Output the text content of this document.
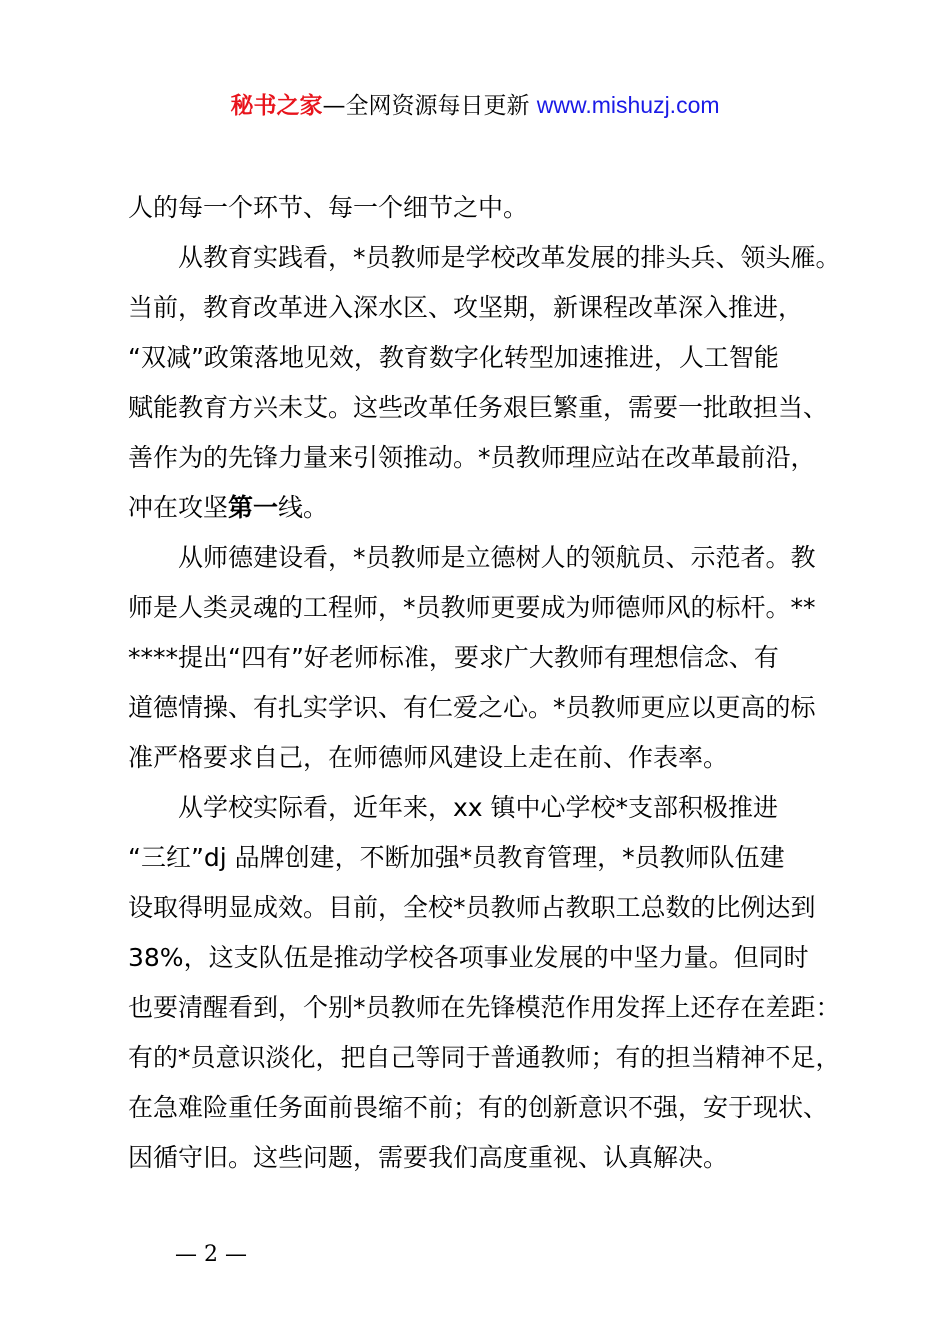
秘书之家—全网资源每日更新 www.mishuzj.com
人的每一个环节、每一个细节之中。
从教育实践看，*员教师是学校改革发展的排头兵、领头雁。
当前，教育改革进入深水区、攻坚期，新课程改革深入推进，
“双减”政策落地见效，教育数字化转型加速推进，人工智能
赋能教育方兴未艾。这些改革任务艰巨繁重，需要一批敢担当、
善作为的先锋力量来引领推动。*员教师理应站在改革最前沿，
冲在攻坚第一线。
从师德建设看，*员教师是立德树人的领航员、示范者。教
师是人类灵魂的工程师，*员教师更要成为师德师风的标杆。**
****提出“四有”好老师标准，要求广大教师有理想信念、有
道德情操、有扎实学识、有仁爱之心。*员教师更应以更高的标
准严格要求自己，在师德师风建设上走在前、作表率。
从学校实际看，近年来，xx 镇中心学校*支部积极推进
“三红”dj 品牌创建，不断加强*员教育管理，*员教师队伍建
设取得明显成效。目前，全校*员教师占教职工总数的比例达到
38%，这支队伍是推动学校各项事业发展的中坚力量。但同时
也要清醒看到，个别*员教师在先锋模范作用发挥上还存在差距：
有的*员意识淡化，把自己等同于普通教师；有的担当精神不足，
在急难险重任务面前畏缩不前；有的创新意识不强，安于现状、
因循守旧。这些问题，需要我们高度重视、认真解决。
— 2 —
